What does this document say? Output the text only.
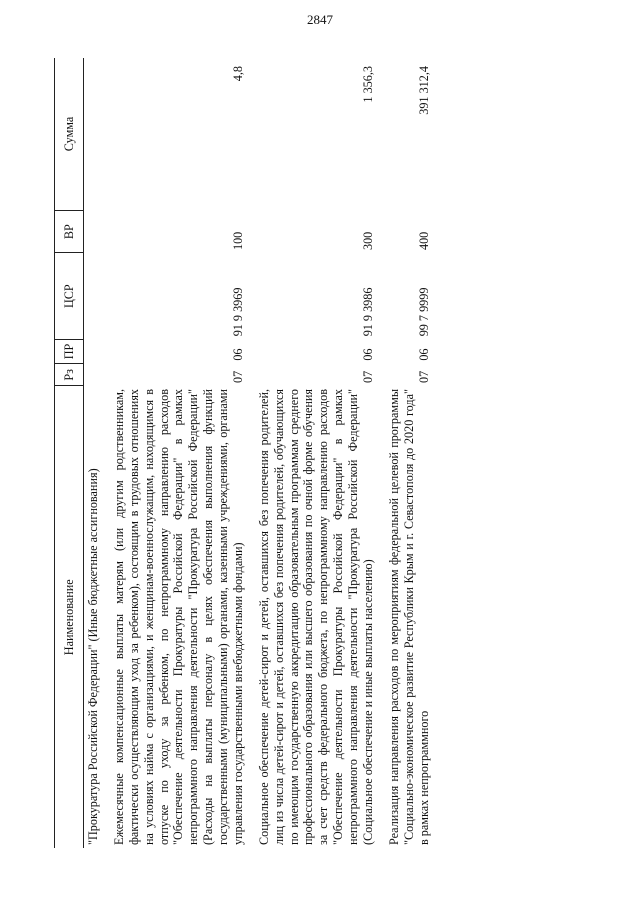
2847
Наименование	Рз	ПР	ЦСР	ВР	Сумма
"Прокуратура Российской Федерации" (Иные бюджетные ассигнования)					
Ежемесячные компенсационные выплаты матерям (или другим родственникам, фактически осуществляющим уход за ребенком), состоящим в трудовых отношениях на условиях найма с организациями, и женщинам-военнослужащим, находящимся в отпуске по уходу за ребенком, по непрограммному направлению расходов "Обеспечение деятельности Прокуратуры Российской Федерации" в рамках непрограммного направления деятельности "Прокуратура Российской Федерации" (Расходы на выплаты персоналу в целях обеспечения выполнения функций государственными (муниципальными) органами, казенными учреждениями, органами управления государственными внебюджетными фондами)	07	06	91 9 3969	100	4,8
Социальное обеспечение детей-сирот и детей, оставшихся без попечения родителей, лиц из числа детей-сирот и детей, оставшихся без попечения родителей, обучающихся по имеющим государственную аккредитацию образовательным программам среднего профессионального образования или высшего образования по очной форме обучения за счет средств федерального бюджета, по непрограммному направлению расходов "Обеспечение деятельности Прокуратуры Российской Федерации" в рамках непрограммного направления деятельности "Прокуратура Российской Федерации" (Социальное обеспечение и иные выплаты населению)	07	06	91 9 3986	300	1 356,3
Реализация направления расходов по мероприятиям федеральной целевой программы "Социально-экономическое развитие Республики Крым и г. Севастополя до 2020 года" в рамках непрограммного	07	06	99 7 9999	400	391 312,4
